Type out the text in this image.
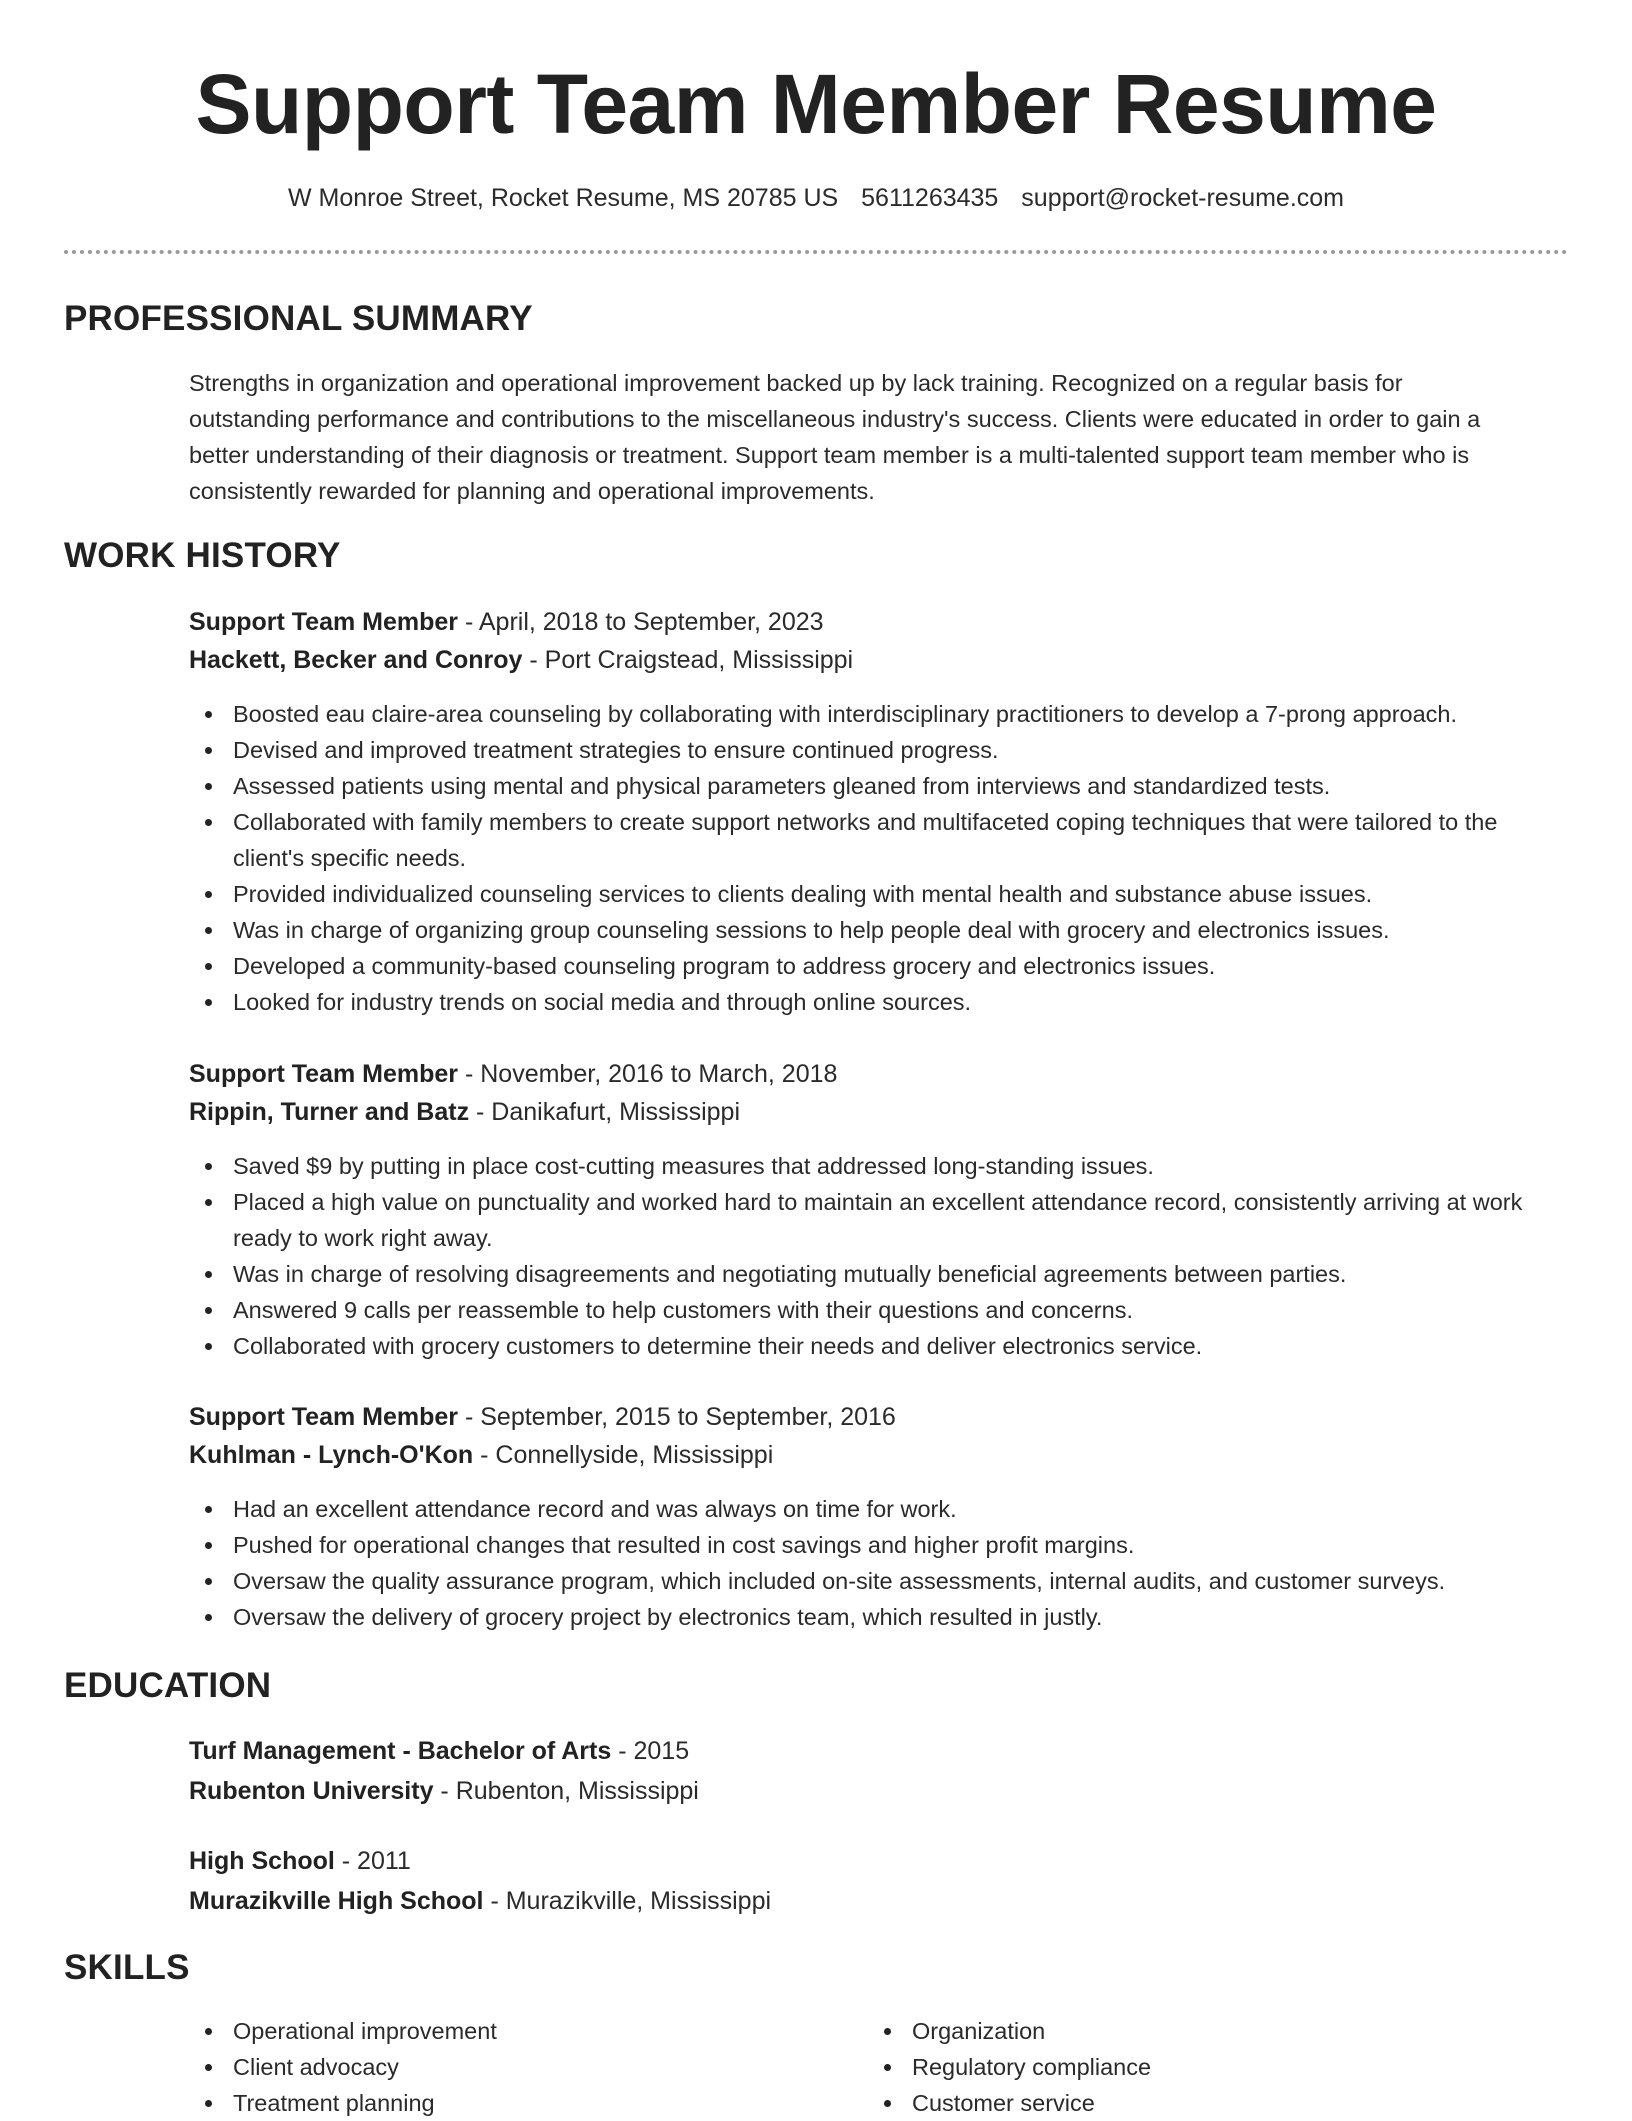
Support Team Member Resume
W Monroe Street, Rocket Resume, MS 20785 US 5611263435 support@rocket-resume.com
PROFESSIONAL SUMMARY
Strengths in organization and operational improvement backed up by lack training. Recognized on a regular basis for
outstanding performance and contributions to the miscellaneous industry's success. Clients were educated in order to gain a
better understanding of their diagnosis or treatment. Support team member is a multi-talented support team member who is
consistently rewarded for planning and operational improvements.
WORK HISTORY
Support Team Member - April, 2018 to September, 2023
Hackett, Becker and Conroy - Port Craigstead, Mississippi
Boosted eau claire-area counseling by collaborating with interdisciplinary practitioners to develop a 7-prong approach.
Devised and improved treatment strategies to ensure continued progress.
Assessed patients using mental and physical parameters gleaned from interviews and standardized tests.
Collaborated with family members to create support networks and multifaceted coping techniques that were tailored to the client's specific needs.
Provided individualized counseling services to clients dealing with mental health and substance abuse issues.
Was in charge of organizing group counseling sessions to help people deal with grocery and electronics issues.
Developed a community-based counseling program to address grocery and electronics issues.
Looked for industry trends on social media and through online sources.
Support Team Member - November, 2016 to March, 2018
Rippin, Turner and Batz - Danikafurt, Mississippi
Saved $9 by putting in place cost-cutting measures that addressed long-standing issues.
Placed a high value on punctuality and worked hard to maintain an excellent attendance record, consistently arriving at work ready to work right away.
Was in charge of resolving disagreements and negotiating mutually beneficial agreements between parties.
Answered 9 calls per reassemble to help customers with their questions and concerns.
Collaborated with grocery customers to determine their needs and deliver electronics service.
Support Team Member - September, 2015 to September, 2016
Kuhlman - Lynch-O'Kon - Connellyside, Mississippi
Had an excellent attendance record and was always on time for work.
Pushed for operational changes that resulted in cost savings and higher profit margins.
Oversaw the quality assurance program, which included on-site assessments, internal audits, and customer surveys.
Oversaw the delivery of grocery project by electronics team, which resulted in justly.
EDUCATION
Turf Management - Bachelor of Arts - 2015
Rubenton University - Rubenton, Mississippi
High School - 2011
Murazikville High School - Murazikville, Mississippi
SKILLS
Operational improvement
Client advocacy
Treatment planning
Organization
Regulatory compliance
Customer service
